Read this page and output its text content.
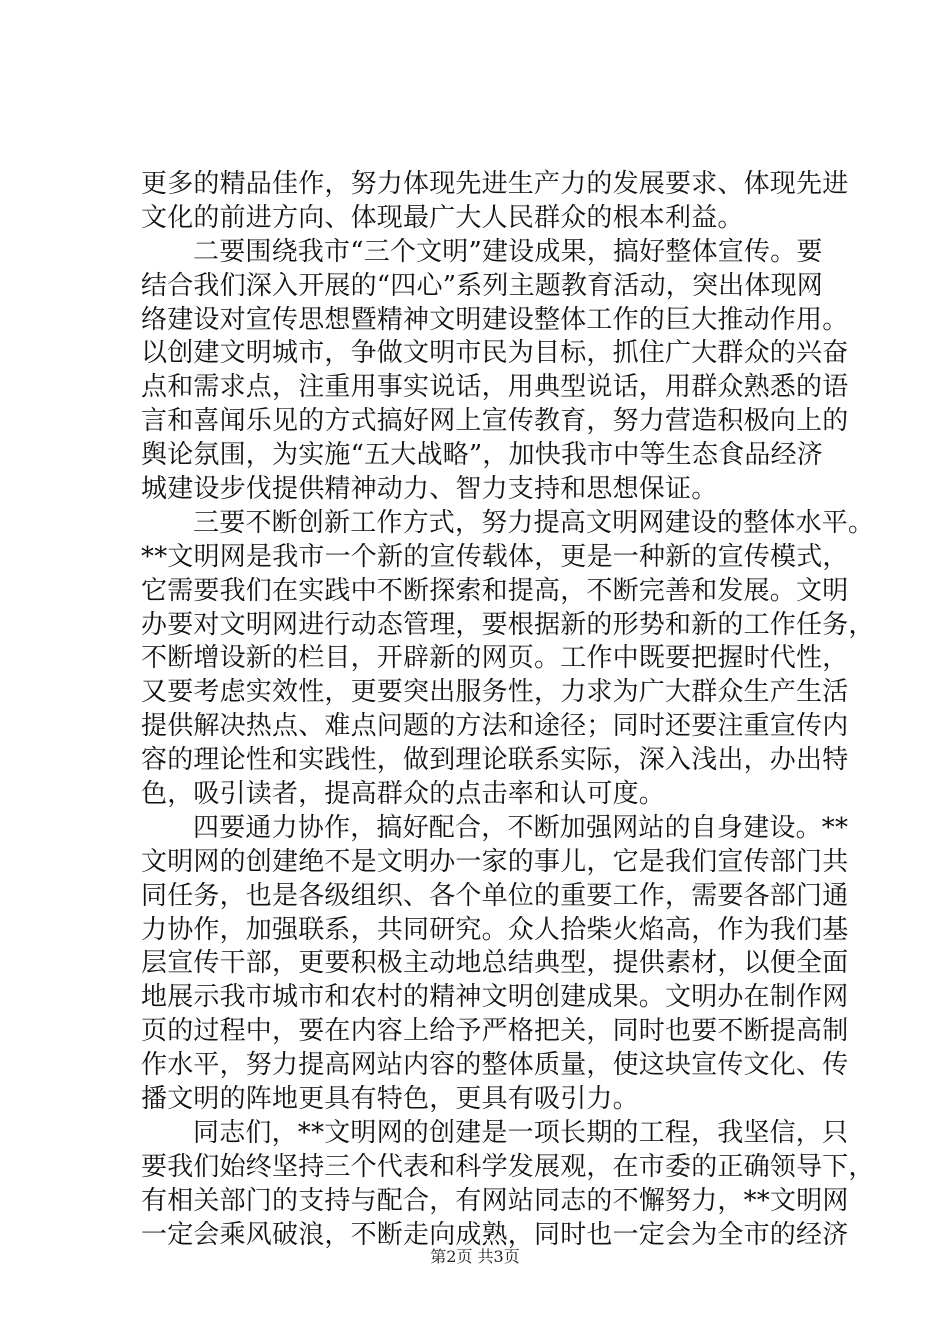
更多的精品佳作，努力体现先进生产力的发展要求、体现先进
文化的前进方向、体现最广大人民群众的根本利益。
二要围绕我市“三个文明”建设成果，搞好整体宣传。要
结合我们深入开展的“四心”系列主题教育活动，突出体现网
络建设对宣传思想暨精神文明建设整体工作的巨大推动作用。
以创建文明城市，争做文明市民为目标，抓住广大群众的兴奋
点和需求点，注重用事实说话，用典型说话，用群众熟悉的语
言和喜闻乐见的方式搞好网上宣传教育，努力营造积极向上的
舆论氛围，为实施“五大战略”，加快我市中等生态食品经济
城建设步伐提供精神动力、智力支持和思想保证。
三要不断创新工作方式，努力提高文明网建设的整体水平。
**文明网是我市一个新的宣传载体，更是一种新的宣传模式，
它需要我们在实践中不断探索和提高，不断完善和发展。文明
办要对文明网进行动态管理，要根据新的形势和新的工作任务，
不断增设新的栏目，开辟新的网页。工作中既要把握时代性，
又要考虑实效性，更要突出服务性，力求为广大群众生产生活
提供解决热点、难点问题的方法和途径；同时还要注重宣传内
容的理论性和实践性，做到理论联系实际，深入浅出，办出特
色，吸引读者，提高群众的点击率和认可度。
四要通力协作，搞好配合，不断加强网站的自身建设。**
文明网的创建绝不是文明办一家的事儿，它是我们宣传部门共
同任务，也是各级组织、各个单位的重要工作，需要各部门通
力协作，加强联系，共同研究。众人拾柴火焰高，作为我们基
层宣传干部，更要积极主动地总结典型，提供素材，以便全面
地展示我市城市和农村的精神文明创建成果。文明办在制作网
页的过程中，要在内容上给予严格把关，同时也要不断提高制
作水平，努力提高网站内容的整体质量，使这块宣传文化、传
播文明的阵地更具有特色，更具有吸引力。
同志们，**文明网的创建是一项长期的工程，我坚信，只
要我们始终坚持三个代表和科学发展观，在市委的正确领导下，
有相关部门的支持与配合，有网站同志的不懈努力，**文明网
一定会乘风破浪，不断走向成熟，同时也一定会为全市的经济
第2页 共3页
